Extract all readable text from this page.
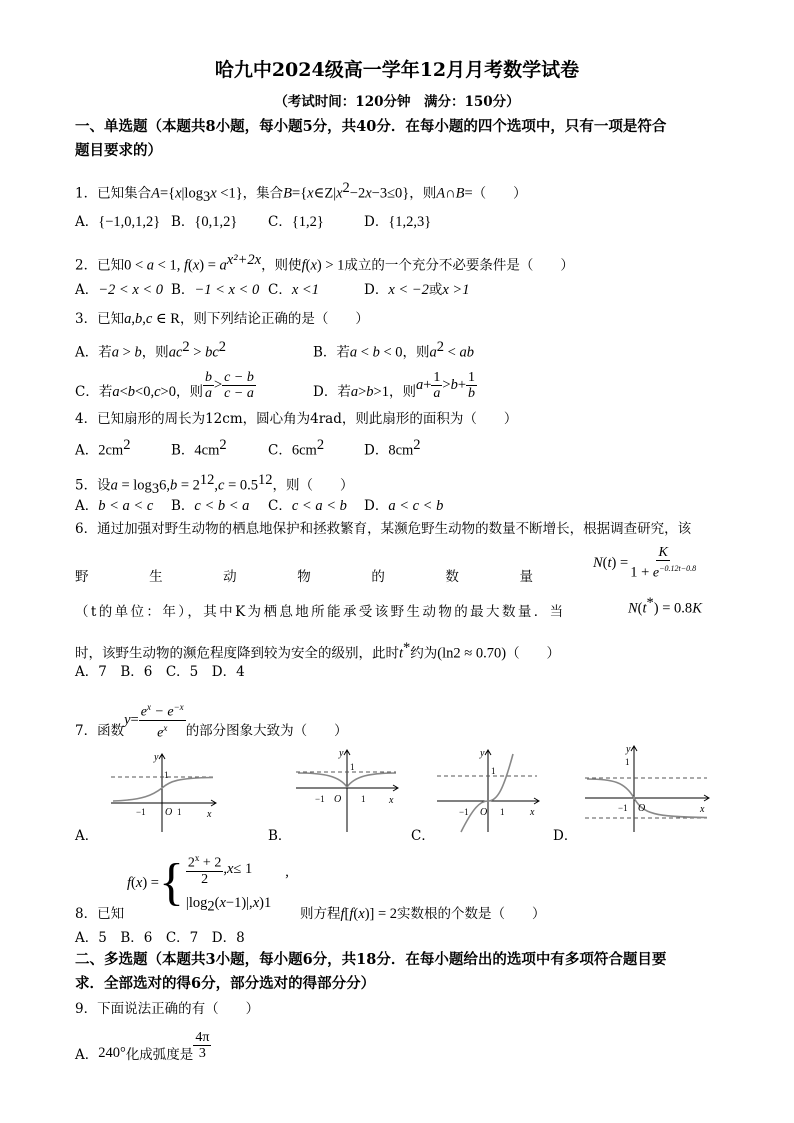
哈九中2024级高一学年12月月考数学试卷
（考试时间：120分钟　满分：150分）
一、单选题（本题共8小题，每小题5分，共40分．在每小题的四个选项中，只有一项是符合
题目要求的）
1．已知集合$A=\{x|\log_3x <1\}$，集合$B=\{x\in Z|x^2-2x-3\le 0\}$，则A∩B=（　　）
A．{−1,0,1,2} B．{0,1,2} C．{1,2}	D．{1,2,3}
2．已知0 < a < 1, $f(x) = a^{x^2+2x}$，则使f(x) > 1成立的一个充分不必要条件是（　　）
A．−2 < x < 0 B．−1 < x < 0 C．x <1	D．x < −2或x >1
3．已知a,b,c ∈ R，则下列结论正确的是（　　）
A．若a > b，则$ac^2 > bc^2$	B．若a < b < 0，则$a^2$ < ab
C．若 a < b <0, c >0 ，则 $\frac{b}{a} > \frac{c - b}{c - a}$	D．若 a > b >1 ，则 $a + \frac{1}{a} > b + \frac{1}{b}$
4．已知扇形的周长为12cm，圆心角为4rad，则此扇形的面积为（　　）
A．$2cm^2$	B．$4cm^2$	C．$6cm^2$	D．$8cm^2$
5．设$a = \log_36,b = 2^{12},c = 0.5^{12}$，则（　　）
A．b < a < c B．c < b < a C．c < a < b D．a < c < b
6．通过加强对野生动物的栖息地保护和拯救繁育，某濒危野生动物的数量不断增长，根据调查研究，该
N ( t ) = $\frac{K}{1 + e^{-0.12t-0.8}}$
野	生	动	物	的	数	量
（t的单位：年），其中K为栖息地所能承受该野生动物的最大数量．当	N(t*) = 0.8K
时，该野生动物的濒危程度降到较为安全的级别，此时t*约为(ln2 ≈ 0.70)（　　）
A．7　B．6　C．5　D．4
7．函数
$y = \frac{e^x - e^{-x}}{e^x}$ 的部分图象大致为（　　）
y
x
O
−1	1
1
A．
y
x
O
−1	1
1
B．
y
x
O
−1	1
1
C．
y
x
O
−1
1
D．
f ( x ) = { $\frac{2^x + 2}{2}$ , x ≤ 1
$|\log_2(x-1)|,x)1$
,
8．已知	则方程f[f(x)] = 2实数根的个数是（　　）
A．5　B．6　C．7　D．8
二、多选题（本题共3小题，每小题6分，共18分．在每小题给出的选项中有多项符合题目要
求．全部选对的得6分，部分选对的得部分分）
9．下面说法正确的有（　　）
A． 240° 化成弧度是 $\frac{4\pi}{3}$
